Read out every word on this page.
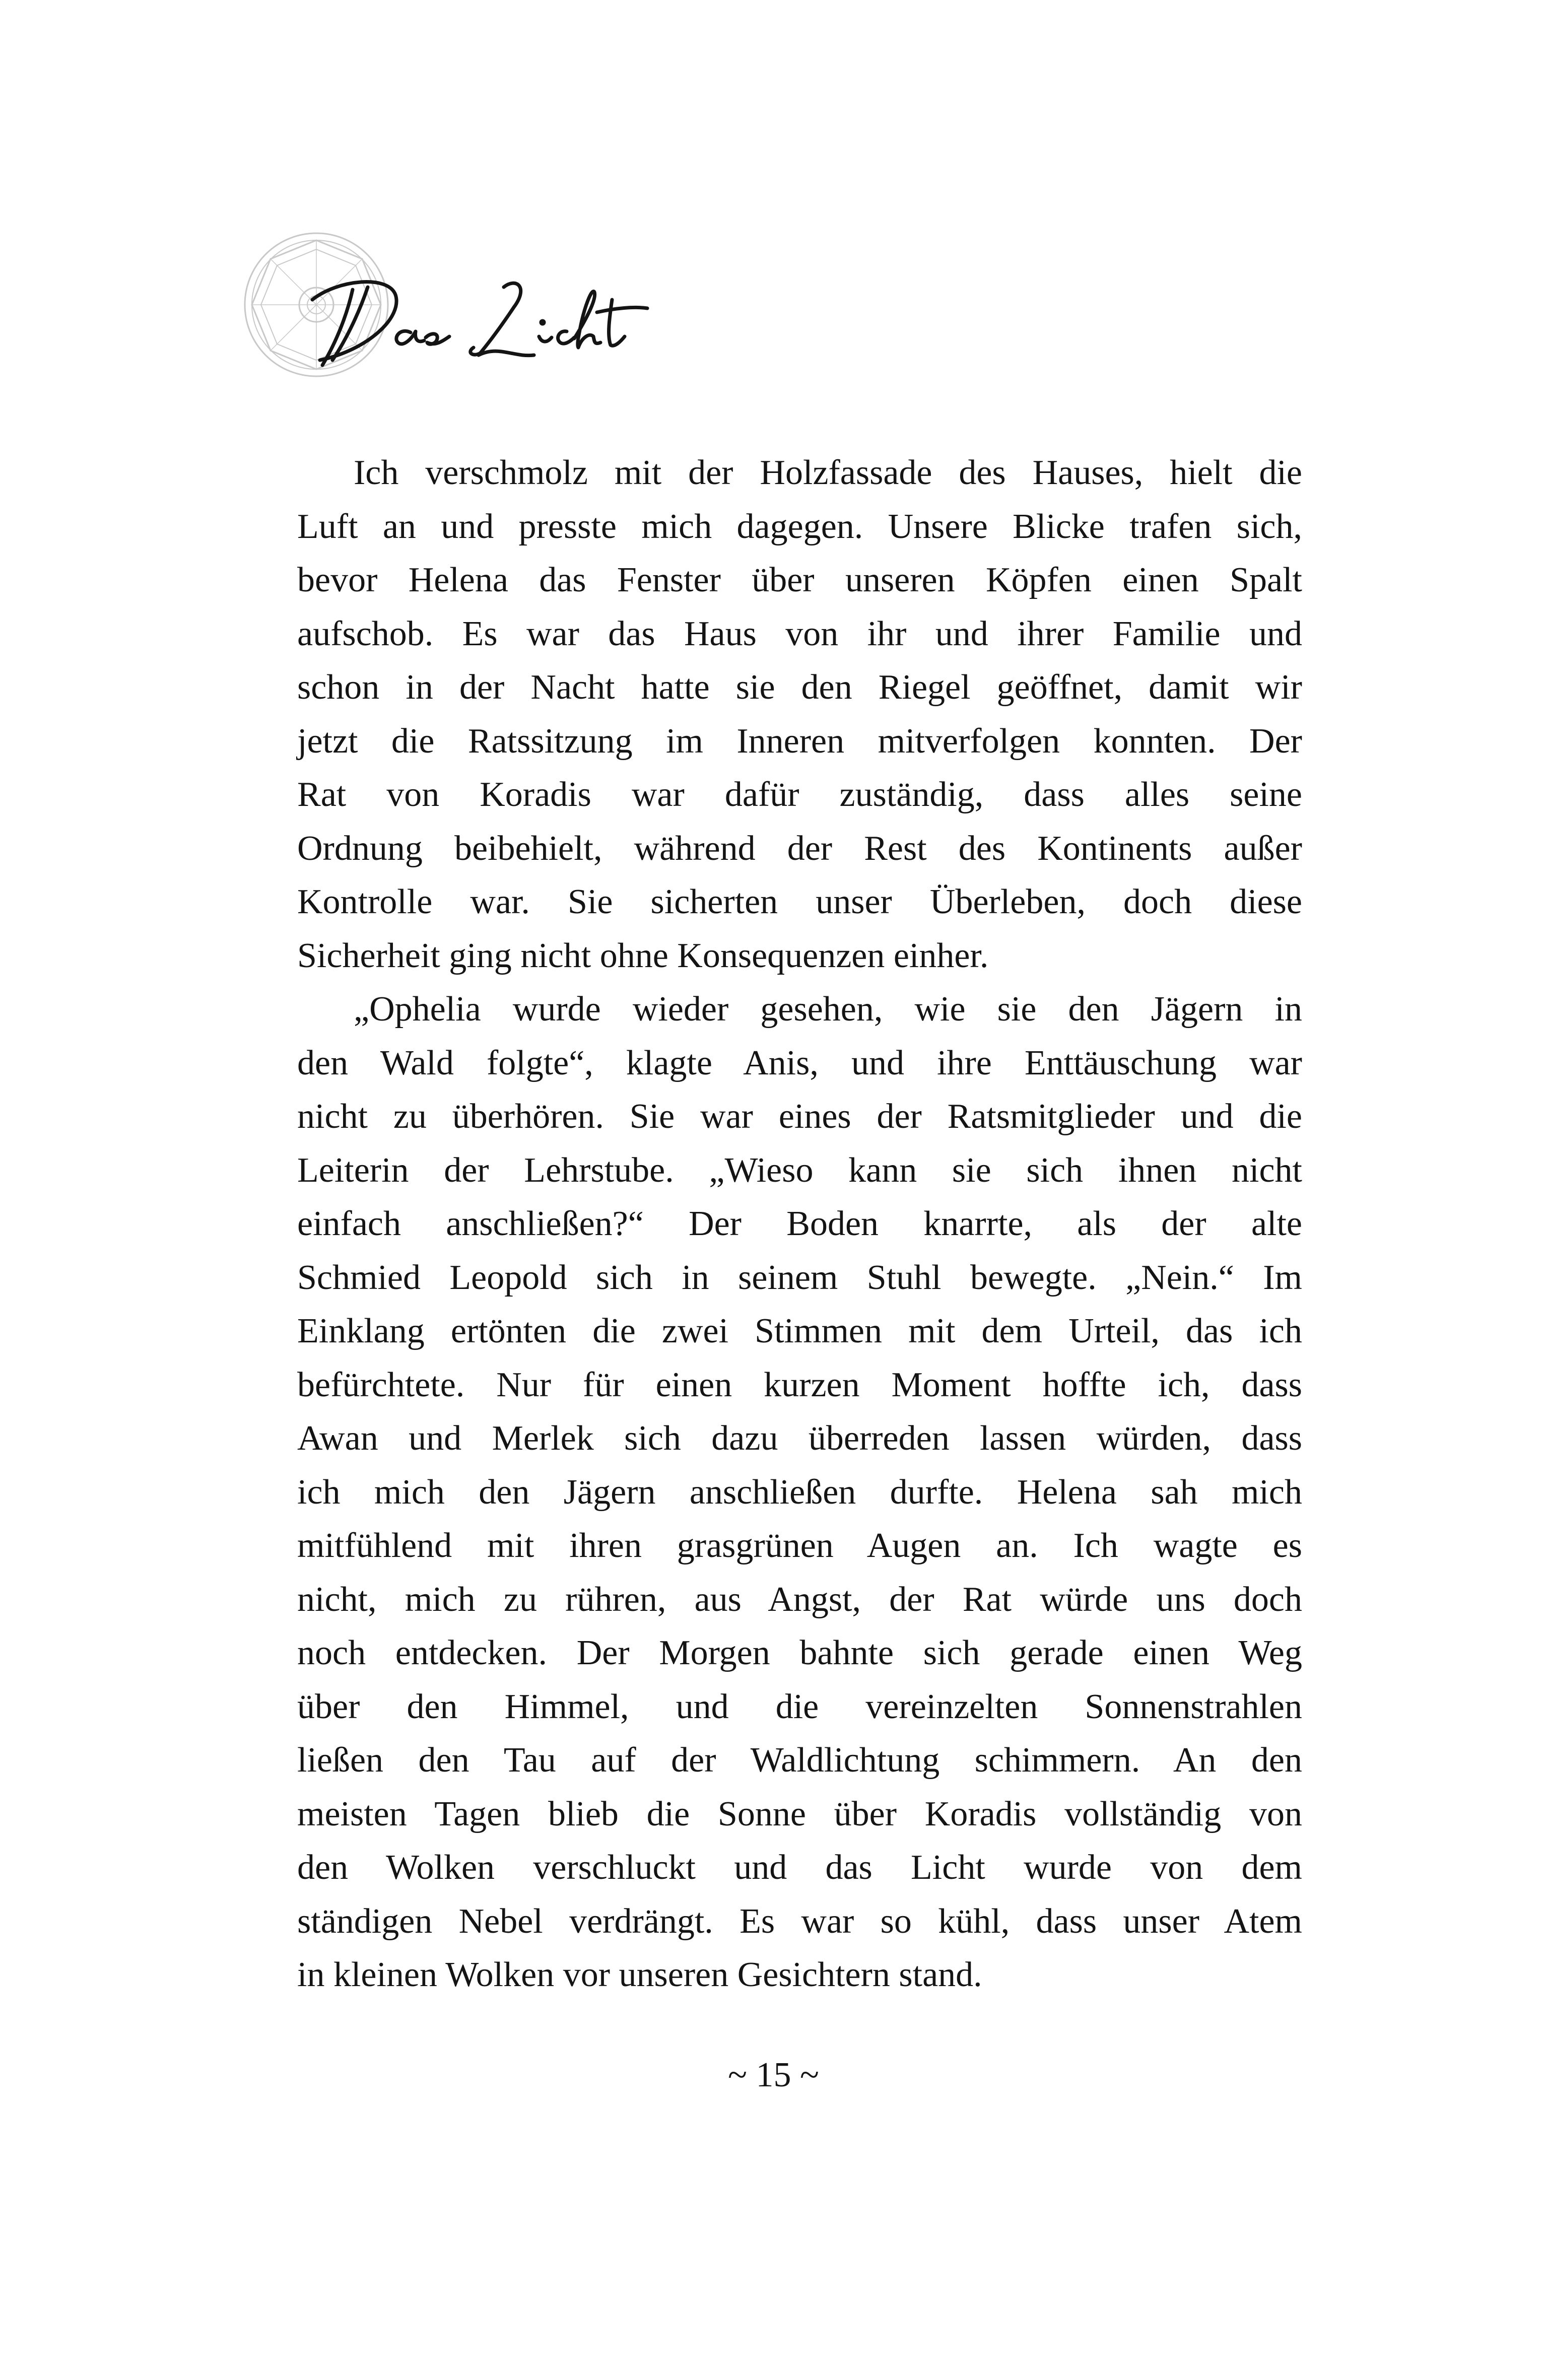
Ich verschmolz mit der Holzfassade des Hauses, hielt die
Luft an und presste mich dagegen. Unsere Blicke trafen sich,
bevor Helena das Fenster über unseren Köpfen einen Spalt
aufschob. Es war das Haus von ihr und ihrer Familie und
schon in der Nacht hatte sie den Riegel geöffnet, damit wir
jetzt die Ratssitzung im Inneren mitverfolgen konnten. Der
Rat von Koradis war dafür zuständig, dass alles seine
Ordnung beibehielt, während der Rest des Kontinents außer
Kontrolle war. Sie sicherten unser Überleben, doch diese
Sicherheit ging nicht ohne Konsequenzen einher.

„Ophelia wurde wieder gesehen, wie sie den Jägern in
den Wald folgte“, klagte Anis, und ihre Enttäuschung war
nicht zu überhören. Sie war eines der Ratsmitglieder und die
Leiterin der Lehrstube. „Wieso kann sie sich ihnen nicht
einfach anschließen?“ Der Boden knarrte, als der alte
Schmied Leopold sich in seinem Stuhl bewegte. „Nein.“ Im
Einklang ertönten die zwei Stimmen mit dem Urteil, das ich
befürchtete. Nur für einen kurzen Moment hoffte ich, dass
Awan und Merlek sich dazu überreden lassen würden, dass
ich mich den Jägern anschließen durfte. Helena sah mich
mitfühlend mit ihren grasgrünen Augen an. Ich wagte es
nicht, mich zu rühren, aus Angst, der Rat würde uns doch
noch entdecken. Der Morgen bahnte sich gerade einen Weg
über den Himmel, und die vereinzelten Sonnenstrahlen
ließen den Tau auf der Waldlichtung schimmern. An den
meisten Tagen blieb die Sonne über Koradis vollständig von
den Wolken verschluckt und das Licht wurde von dem
ständigen Nebel verdrängt. Es war so kühl, dass unser Atem
in kleinen Wolken vor unseren Gesichtern stand.

~ 15 ~
